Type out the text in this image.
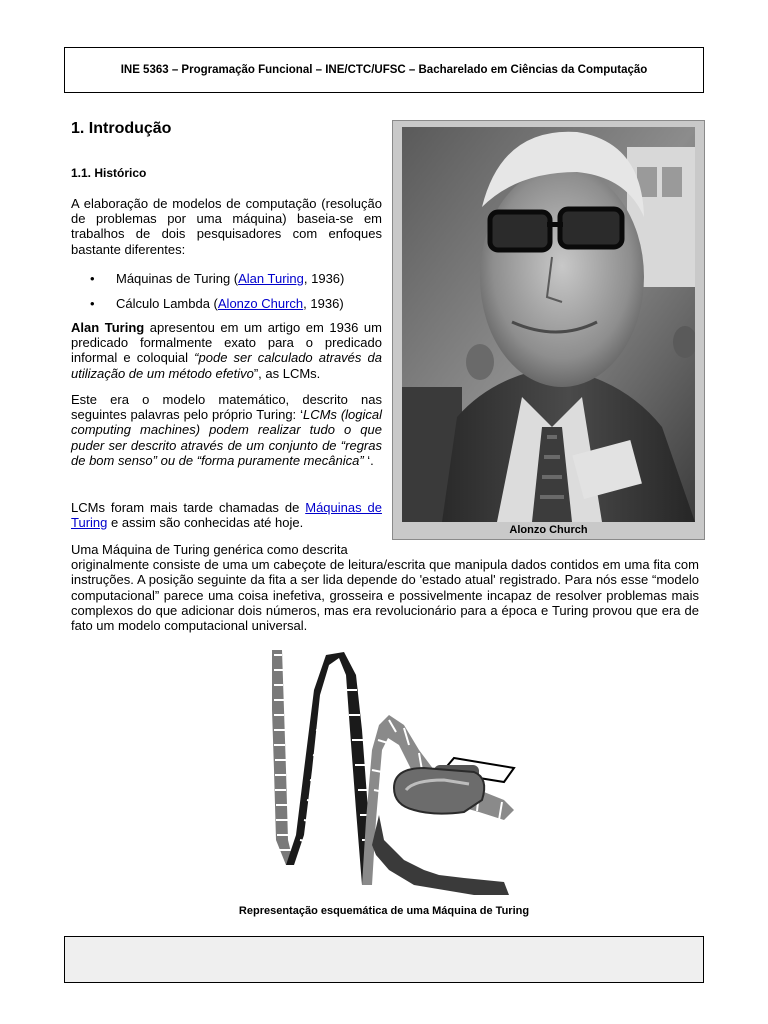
INE 5363 – Programação Funcional – INE/CTC/UFSC – Bacharelado em Ciências da Computação
1. Introdução
1.1. Histórico

A elaboração de modelos de computação (resolução de problemas por uma máquina) baseia-se em trabalhos de dois pesquisadores com enfoques bastante diferentes:

• Máquinas de Turing (Alan Turing, 1936)
• Cálculo Lambda (Alonzo Church, 1936)

Alan Turing apresentou em um artigo em 1936 um predicado formalmente exato para o predicado informal e coloquial “pode ser calculado através da utilização de um método efetivo”, as LCMs.

Este era o modelo matemático, descrito nas seguintes palavras pelo próprio Turing: ‘LCMs (logical computing machines) podem realizar tudo o que puder ser descrito através de um conjunto de “regras de bom senso” ou de “forma puramente mecânica” ‘.

LCMs foram mais tarde chamadas de Máquinas de Turing e assim são conhecidas até hoje.

Uma Máquina de Turing genérica como descrita

originalmente consiste de uma um cabeçote de leitura/escrita que manipula dados contidos em uma fita com instruções. A posição seguinte da fita a ser lida depende do 'estado atual' registrado. Para nós esse “modelo computacional” parece uma coisa inefetiva, grosseira e possivelmente incapaz de resolver problemas mais complexos do que adicionar dois números, mas era revolucionário para a época e Turing provou que era de fato um modelo computacional universal.

Alonzo Church
Representação esquemática de uma Máquina de Turing
